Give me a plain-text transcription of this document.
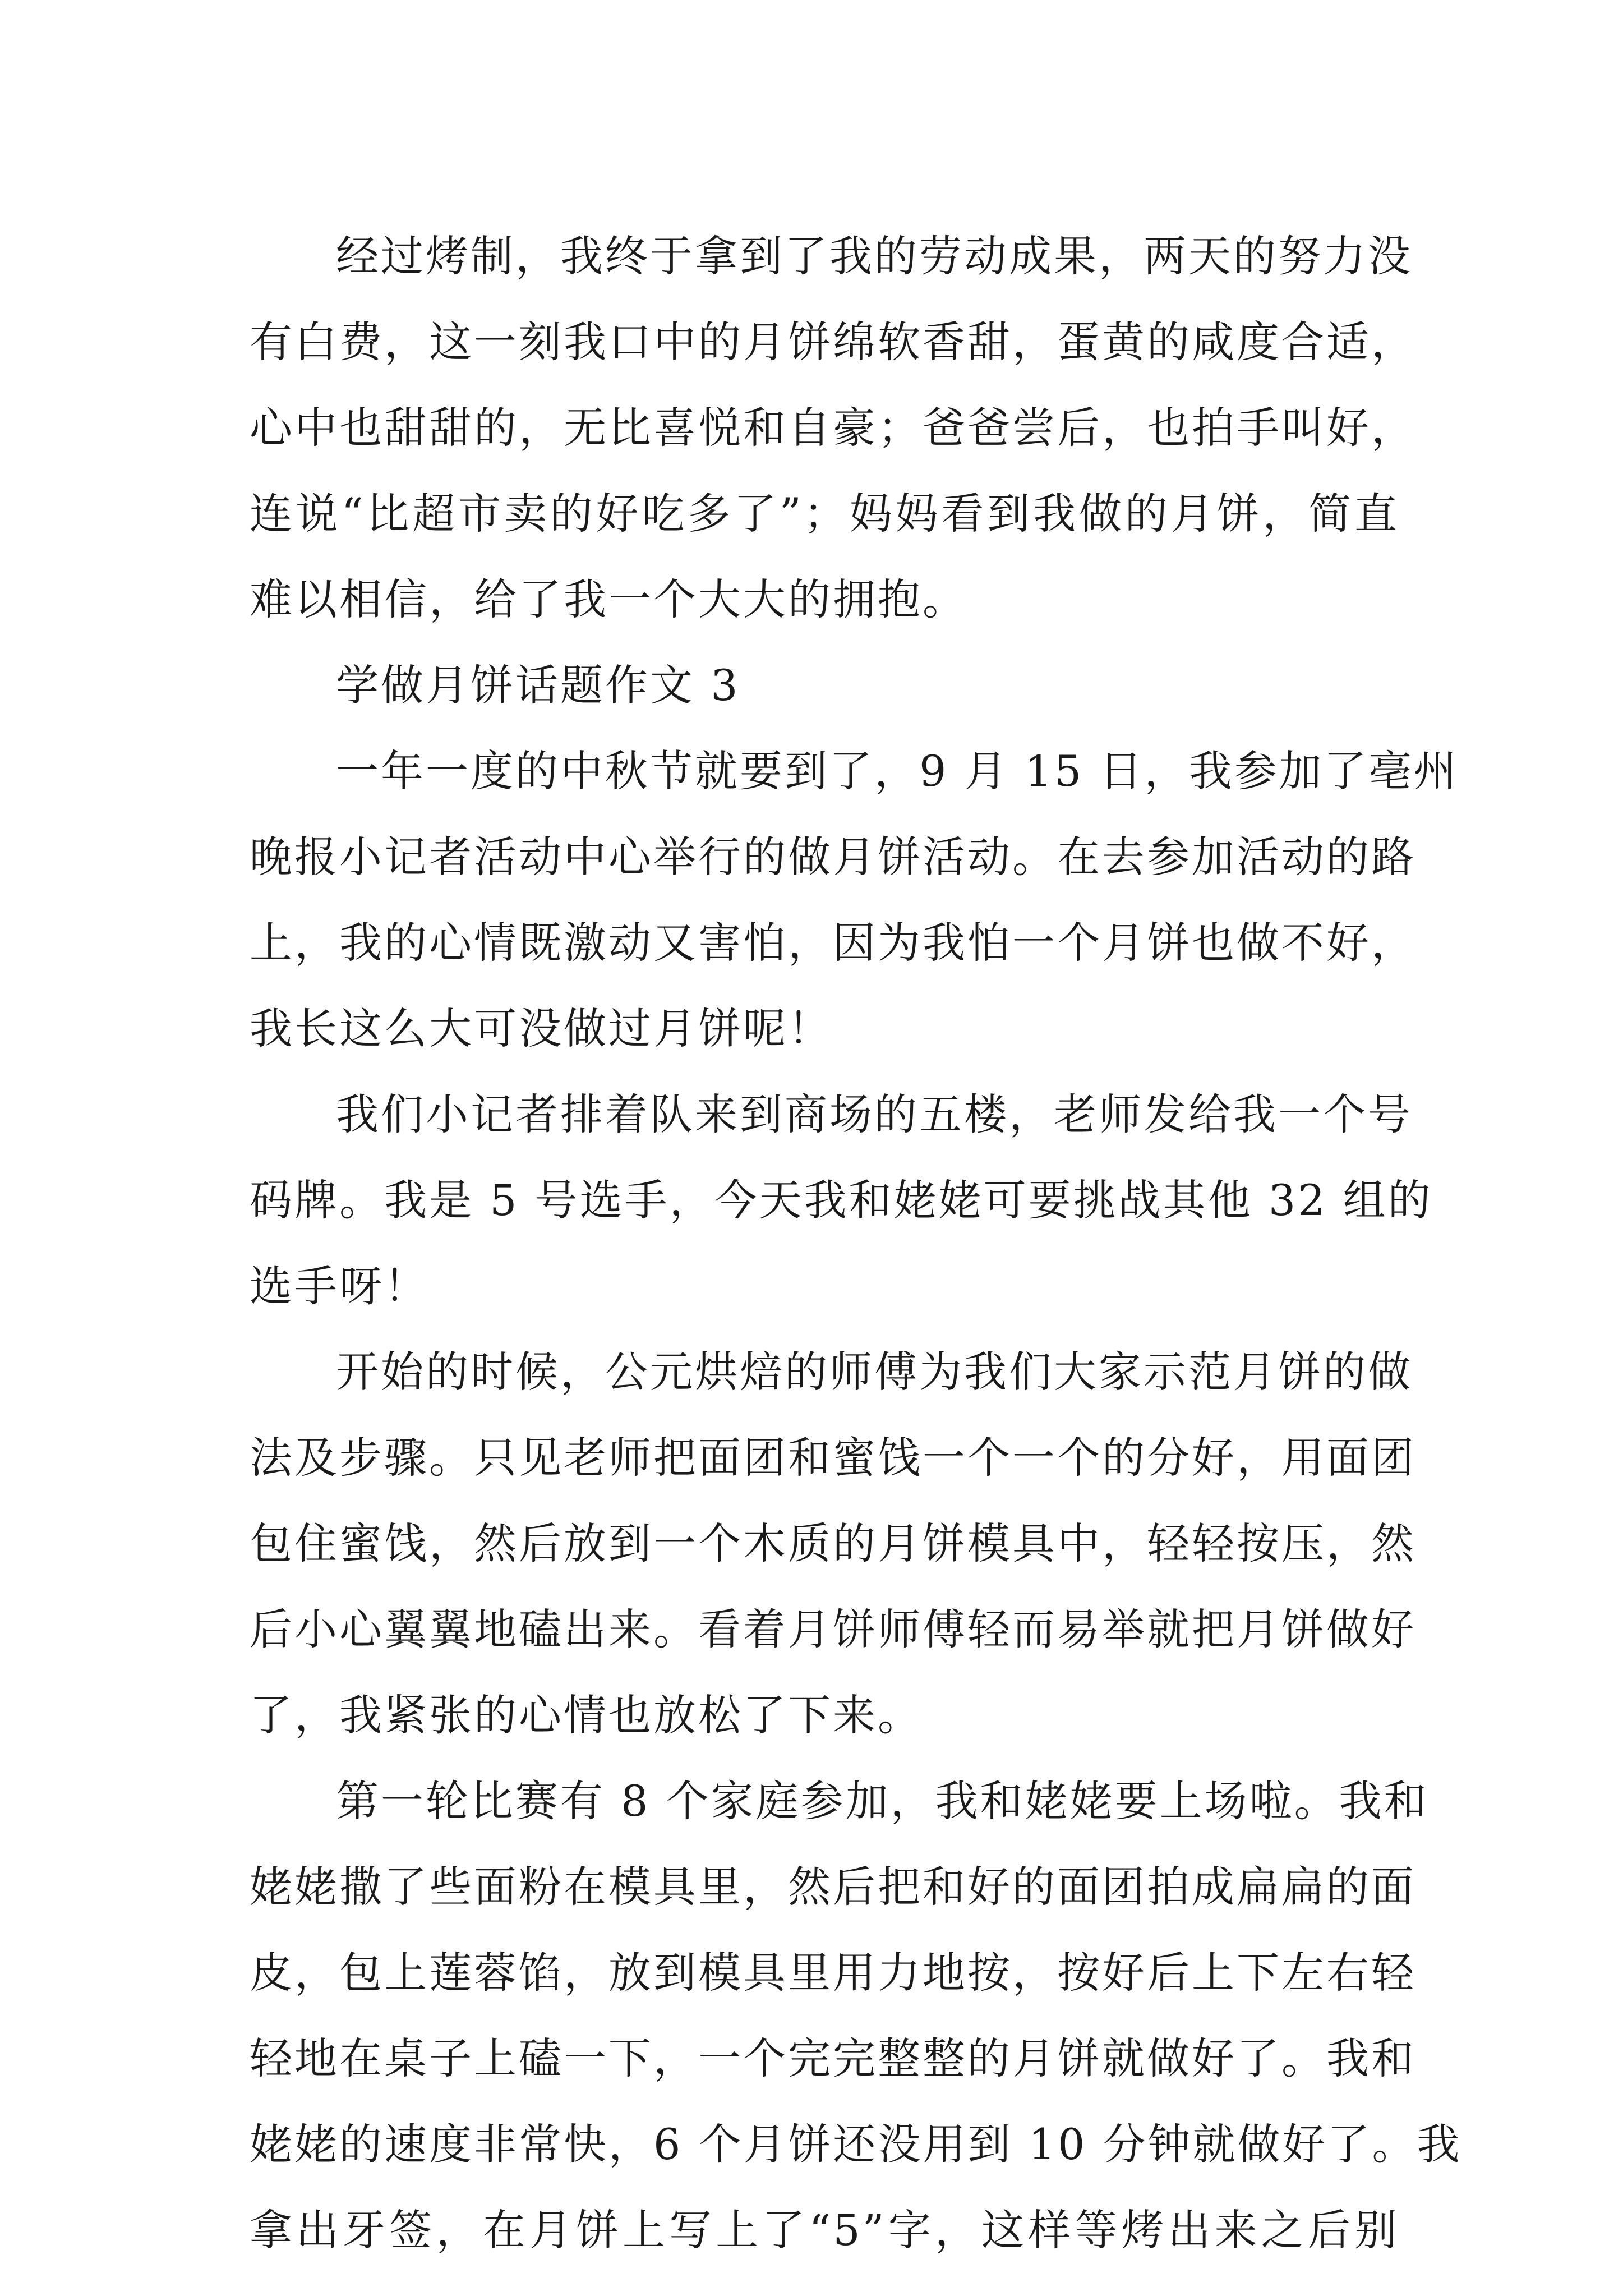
经过烤制，我终于拿到了我的劳动成果，两天的努力没
有白费，这一刻我口中的月饼绵软香甜，蛋黄的咸度合适，
心中也甜甜的，无比喜悦和自豪；爸爸尝后，也拍手叫好，
连说“比超市卖的好吃多了”；妈妈看到我做的月饼，简直
难以相信，给了我一个大大的拥抱。
学做月饼话题作文 3
一年一度的中秋节就要到了，9 月 15 日，我参加了亳州
晚报小记者活动中心举行的做月饼活动。在去参加活动的路
上，我的心情既激动又害怕，因为我怕一个月饼也做不好，
我长这么大可没做过月饼呢！
我们小记者排着队来到商场的五楼，老师发给我一个号
码牌。我是 5 号选手，今天我和姥姥可要挑战其他 32 组的
选手呀！
开始的时候，公元烘焙的师傅为我们大家示范月饼的做
法及步骤。只见老师把面团和蜜饯一个一个的分好，用面团
包住蜜饯，然后放到一个木质的月饼模具中，轻轻按压，然
后小心翼翼地磕出来。看着月饼师傅轻而易举就把月饼做好
了，我紧张的心情也放松了下来。
第一轮比赛有 8 个家庭参加，我和姥姥要上场啦。我和
姥姥撒了些面粉在模具里，然后把和好的面团拍成扁扁的面
皮，包上莲蓉馅，放到模具里用力地按，按好后上下左右轻
轻地在桌子上磕一下，一个完完整整的月饼就做好了。我和
姥姥的速度非常快，6 个月饼还没用到 10 分钟就做好了。我
拿出牙签，在月饼上写上了“5”字，这样等烤出来之后别
